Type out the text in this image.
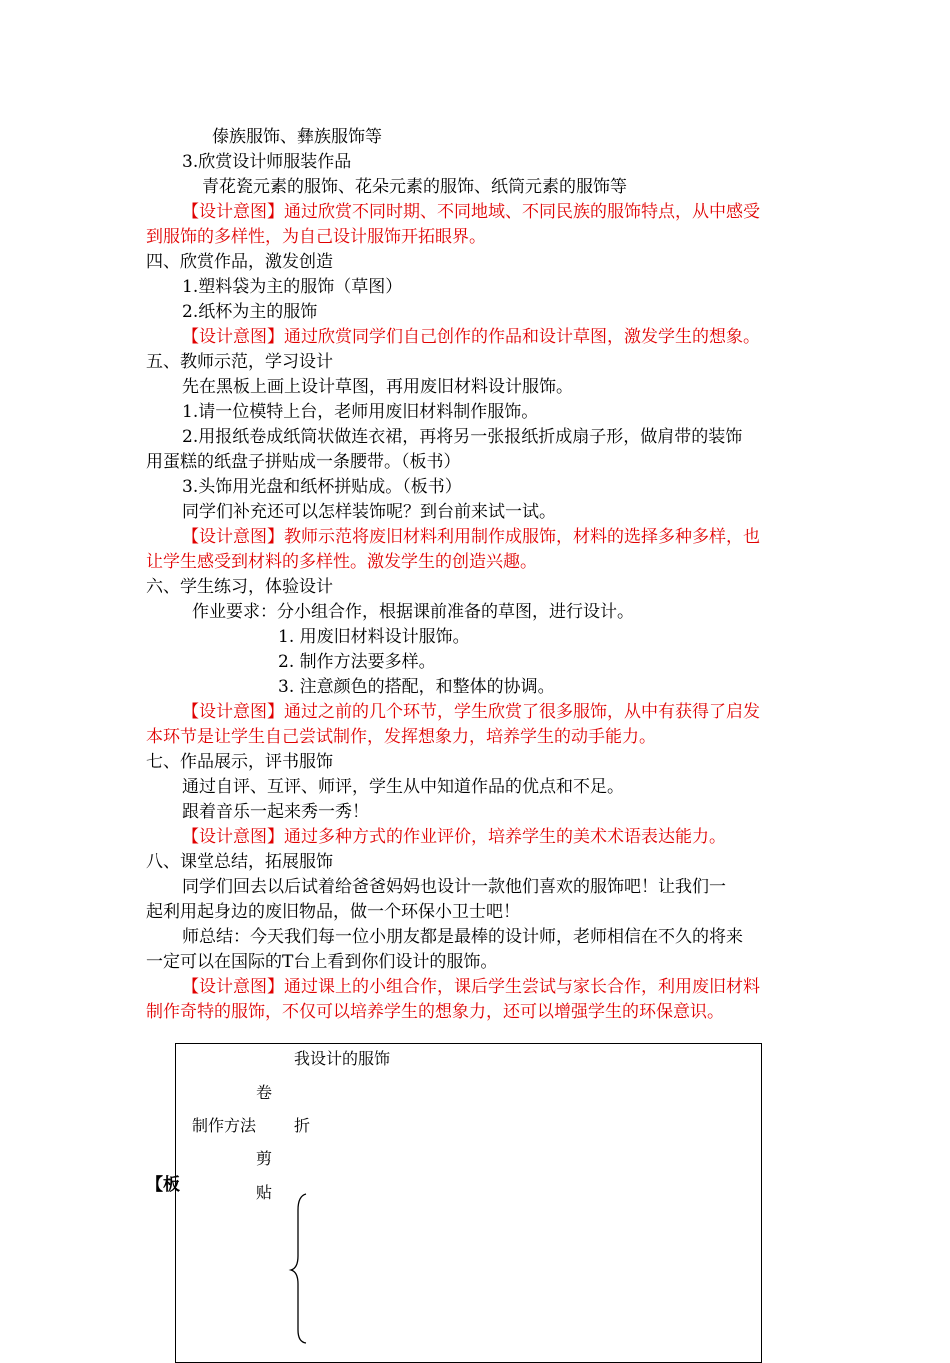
傣族服饰、彝族服饰等
3.欣赏设计师服装作品
青花瓷元素的服饰、花朵元素的服饰、纸筒元素的服饰等
【设计意图】通过欣赏不同时期、不同地域、不同民族的服饰特点，从中感受
到服饰的多样性，为自己设计服饰开拓眼界。
四、欣赏作品，激发创造
1.塑料袋为主的服饰（草图）
2.纸杯为主的服饰
【设计意图】通过欣赏同学们自己创作的作品和设计草图，激发学生的想象。
五、教师示范，学习设计
先在黑板上画上设计草图，再用废旧材料设计服饰。
1.请一位模特上台，老师用废旧材料制作服饰。
2.用报纸卷成纸筒状做连衣裙，再将另一张报纸折成扇子形，做肩带的装饰
用蛋糕的纸盘子拼贴成一条腰带。（板书）
3.头饰用光盘和纸杯拼贴成。（板书）
同学们补充还可以怎样装饰呢？到台前来试一试。
【设计意图】教师示范将废旧材料利用制作成服饰，材料的选择多种多样，也
让学生感受到材料的多样性。激发学生的创造兴趣。
六、学生练习，体验设计
作业要求：分小组合作，根据课前准备的草图，进行设计。
1. 用废旧材料设计服饰。
2. 制作方法要多样。
3. 注意颜色的搭配，和整体的协调。
【设计意图】通过之前的几个环节，学生欣赏了很多服饰，从中有获得了启发
本环节是让学生自己尝试制作，发挥想象力，培养学生的动手能力。
七、作品展示，评书服饰
通过自评、互评、师评，学生从中知道作品的优点和不足。
跟着音乐一起来秀一秀！
【设计意图】通过多种方式的作业评价，培养学生的美术术语表达能力。
八、课堂总结，拓展服饰
同学们回去以后试着给爸爸妈妈也设计一款他们喜欢的服饰吧！让我们一
起利用起身边的废旧物品，做一个环保小卫士吧！
师总结：今天我们每一位小朋友都是最棒的设计师，老师相信在不久的将来
一定可以在国际的T台上看到你们设计的服饰。
【设计意图】通过课上的小组合作，课后学生尝试与家长合作，利用废旧材料
制作奇特的服饰，不仅可以培养学生的想象力，还可以增强学生的环保意识。
【板
我设计的服饰
卷
制作方法 折
剪
贴
